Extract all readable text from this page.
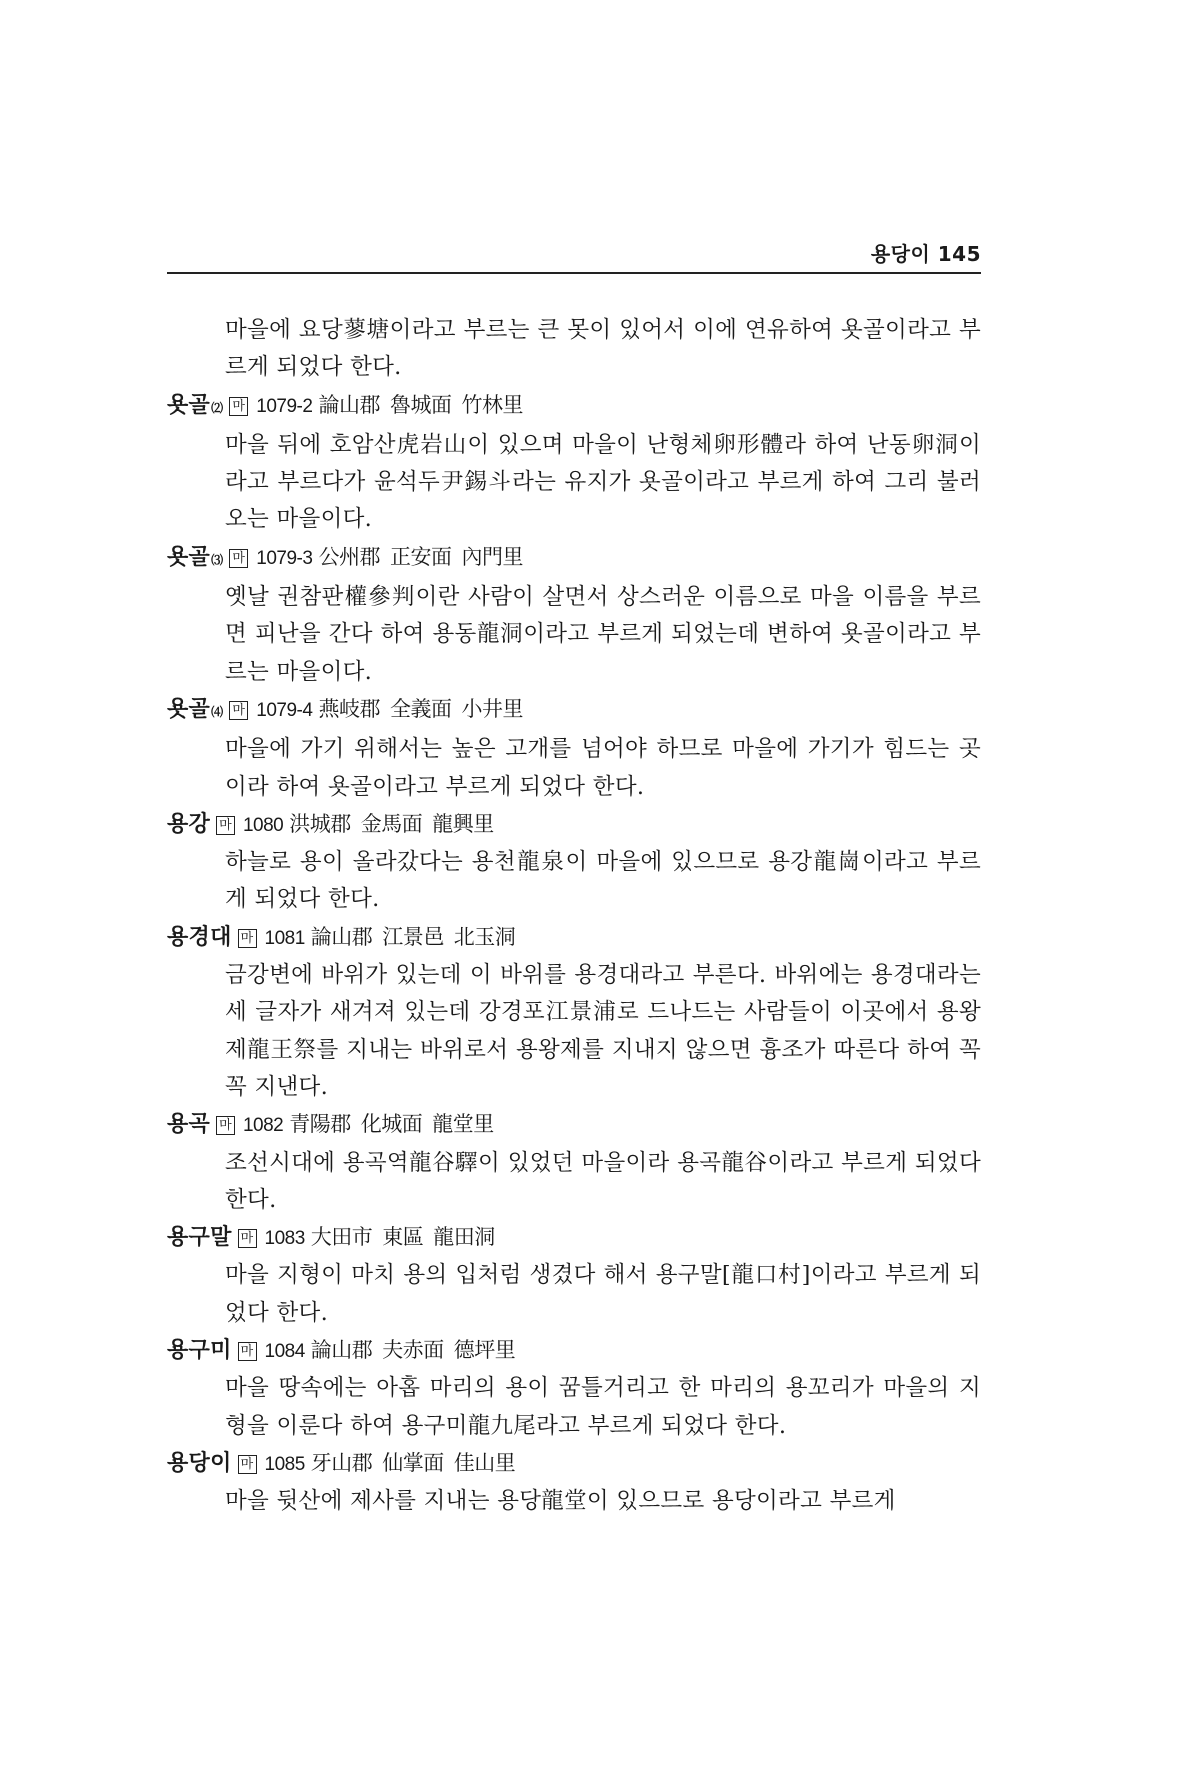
용당이 145

마을에 요당蓼塘이라고 부르는 큰 못이 있어서 이에 연유하여 욧골이라고 부르게 되었다 한다.

욧골 ⑵ 마 1079-2 論山郡 魯城面 竹林里

마을 뒤에 호암산虎岩山이 있으며 마을이 난형체卵形體라 하여 난동卵洞이라고 부르다가 윤석두尹錫斗라는 유지가 욧골이라고 부르게 하여 그리 불러오는 마을이다.

욧골 ⑶ 마 1079-3 公州郡 正安面 內門里

옛날 권참판權參判이란 사람이 살면서 상스러운 이름으로 마을 이름을 부르면 피난을 간다 하여 용동龍洞이라고 부르게 되었는데 변하여 욧골이라고 부르는 마을이다.

욧골 ⑷ 마 1079-4 燕岐郡 全義面 小井里

마을에 가기 위해서는 높은 고개를 넘어야 하므로 마을에 가기가 힘드는 곳이라 하여 욧골이라고 부르게 되었다 한다.

용강 마 1080 洪城郡 金馬面 龍興里

하늘로 용이 올라갔다는 용천龍泉이 마을에 있으므로 용강龍崗이라고 부르게 되었다 한다.

용경대 마 1081 論山郡 江景邑 北玉洞

금강변에 바위가 있는데 이 바위를 용경대라고 부른다. 바위에는 용경대라는 세 글자가 새겨져 있는데 강경포江景浦로 드나드는 사람들이 이곳에서 용왕제龍王祭를 지내는 바위로서 용왕제를 지내지 않으면 흉조가 따른다 하여 꼭꼭 지낸다.

용곡 마 1082 青陽郡 化城面 龍堂里

조선시대에 용곡역龍谷驛이 있었던 마을이라 용곡龍谷이라고 부르게 되었다 한다.

용구말 마 1083 大田市 東區 龍田洞

마을 지형이 마치 용의 입처럼 생겼다 해서 용구말[龍口村]이라고 부르게 되었다 한다.

용구미 마 1084 論山郡 夫赤面 德坪里

마을 땅속에는 아홉 마리의 용이 꿈틀거리고 한 마리의 용꼬리가 마을의 지형을 이룬다 하여 용구미龍九尾라고 부르게 되었다 한다.

용당이 마 1085 牙山郡 仙掌面 佳山里

마을 뒷산에 제사를 지내는 용당龍堂이 있으므로 용당이라고 부르게
